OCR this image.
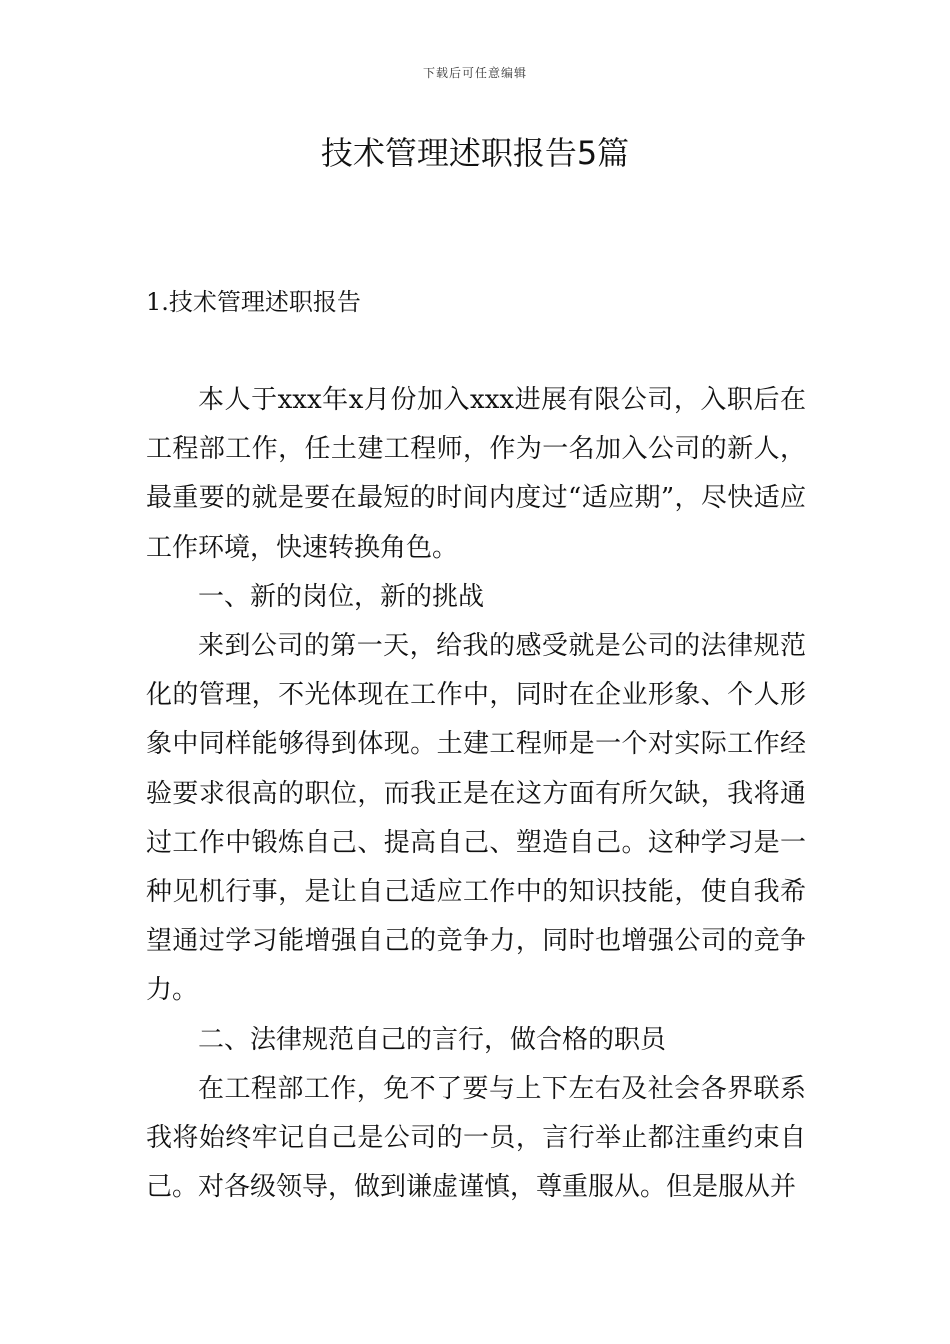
下载后可任意编辑
技术管理述职报告5篇
1.技术管理述职报告

本人于xxx年x月份加入xxx进展有限公司，入职后在工程部工作，任土建工程师，作为一名加入公司的新人，最重要的就是要在最短的时间内度过“适应期”，尽快适应工作环境，快速转换角色。

一、新的岗位，新的挑战

来到公司的第一天，给我的感受就是公司的法律规范化的管理，不光体现在工作中，同时在企业形象、个人形象中同样能够得到体现。土建工程师是一个对实际工作经验要求很高的职位，而我正是在这方面有所欠缺，我将通过工作中锻炼自己、提高自己、塑造自己。这种学习是一种见机行事，是让自己适应工作中的知识技能，使自我希望通过学习能增强自己的竞争力，同时也增强公司的竞争力。

二、法律规范自己的言行，做合格的职员

在工程部工作，免不了要与上下左右及社会各界联系我将始终牢记自己是公司的一员，言行举止都注重约束自己。对各级领导，做到谦虚谨慎，尊重服从。但是服从并
